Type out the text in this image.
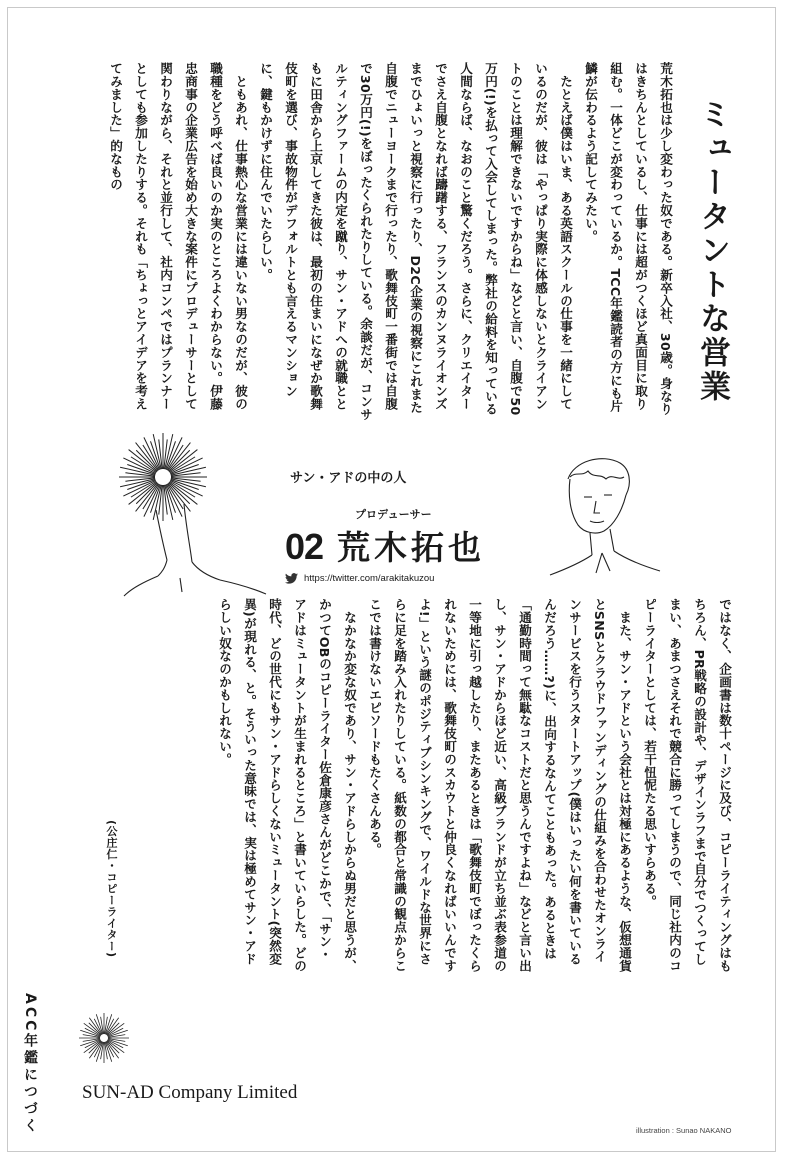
ミュータントな営業
荒木拓也は少し変わった奴である。新卒入社、30歳。身なりはきちんとしているし、仕事には超がつくほど真面目に取り組む。一体どこが変わっているか。TCC年鑑読者の方にも片鱗が伝わるよう記してみたい。
　たとえば僕はいま、ある英語スクールの仕事を一緒にしているのだが、彼は「やっぱり実際に体感しないとクライアントのことは理解できないですからね」などと言い、自腹で50万円(!)を払って入会してしまった。弊社の給料を知っている人間ならば、なおのこと驚くだろう。さらに、クリエイターでさえ自腹となれば躊躇する、フランスのカンヌライオンズまでひょいっと視察に行ったり、D2C企業の視察にこれまた自腹でニューヨークまで行ったり、歌舞伎町一番街では自腹で30万円(!)をぼったくられたりしている。余談だが、コンサルティングファームの内定を蹴り、サン・アドへの就職とともに田舎から上京してきた彼は、最初の住まいになぜか歌舞伎町を選び、事故物件がデフォルトとも言えるマンションに、鍵もかけずに住んでいたらしい。
　ともあれ、仕事熱心な営業には違いない男なのだが、彼の職種をどう呼べば良いのか実のところよくわからない。伊藤忠商事の企業広告を始め大きな案件にプロデューサーとして関わりながら、それと並行して、社内コンペではプランナーとしても参加したりする。それも「ちょっとアイデアを考えてみました」的なもの
サン・アドの中の人
プロデューサー
02 荒木拓也
https://twitter.com/arakitakuzou
ではなく、企画書は数十ページに及び、コピーライティングはもちろん、PR戦略の設計や、デザインラフまで自分でつくってしまい、あまつさえそれで競合に勝ってしまうので、同じ社内のコピーライターとしては、若干忸怩たる思いすらある。
　また、サン・アドという会社とは対極にあるような、仮想通貨とSNSとクラウドファンディングの仕組みを合わせたオンラインサービスを行うスタートアップ(僕はいったい何を書いているんだろう……?)に、出向するなんてこともあった。あるときは「通勤時間って無駄なコストだと思うんですよね」などと言い出し、サン・アドからほど近い、高級ブランドが立ち並ぶ表参道の一等地に引っ越したり、またあるときは「歌舞伎町でぼったくられないためには、歌舞伎町のスカウトと仲良くなればいいんですよ!」という謎のポジティブシンキングで、ワイルドな世界にさらに足を踏み入れたりしている。紙数の都合と常識の観点からここでは書けないエピソードもたくさんある。
　なかなか変な奴であり、サン・アドらしからぬ男だと思うが、かつてOBのコピーライター佐倉康彦さんがどこかで、「サン・アドはミュータントが生まれるところ」と書いていらした。どの時代、どの世代にもサン・アドらしくないミュータント(突然変異)が現れる、と。そういった意味では、実は極めてサン・アドらしい奴なのかもしれない。
(公庄仁・コピーライター)
ACC年鑑につづく SUN-AD Company Limited
illustration : Sunao NAKANO
